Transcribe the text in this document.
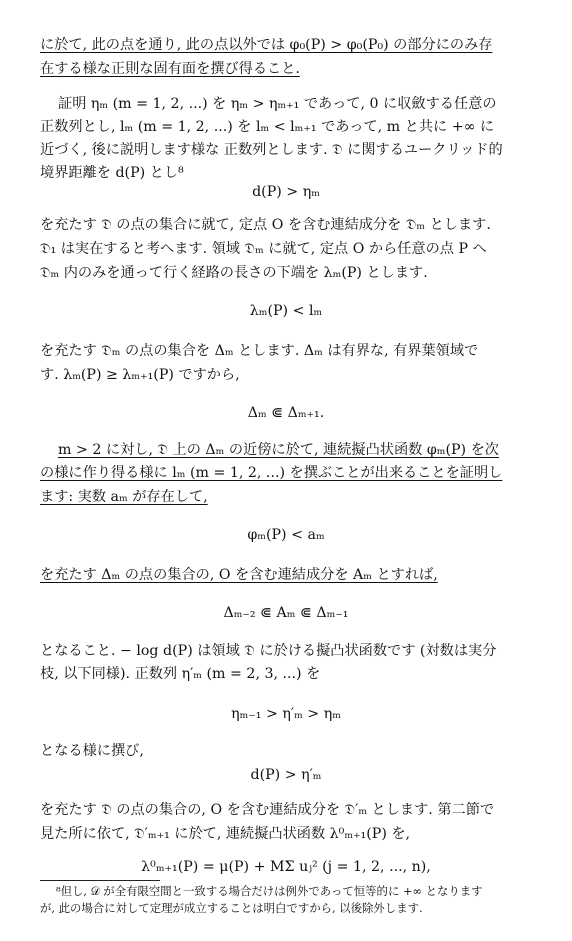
に於て, 此の点を通り, 此の点以外では φ₀(P) > φ₀(P₀) の部分にのみ存
在する様な正則な固有面を撰び得ること.
証明 ηₘ (m = 1, 2, ...) を ηₘ > ηₘ₊₁ であって, 0 に収斂する任意の
正数列とし, lₘ (m = 1, 2, ...) を lₘ < lₘ₊₁ であって, m と共に +∞ に
近づく, 後に説明します様な 正数列とします. 𝔇 に関するユークリッド的
境界距離を d(P) とし⁸
d(P) > ηₘ
を充たす 𝔇 の点の集合に就て, 定点 O を含む連結成分を 𝔇ₘ とします.
𝔇₁ は実在すると考へます. 領域 𝔇ₘ に就て, 定点 O から任意の点 P へ
𝔇ₘ 内のみを通って行く経路の長さの下端を λₘ(P) とします.
λₘ(P) < lₘ
を充たす 𝔇ₘ の点の集合を Δₘ とします. Δₘ は有界な, 有界葉領域で
す. λₘ(P) ≥ λₘ₊₁(P) ですから,
Δₘ ⋐ Δₘ₊₁.
m > 2 に対し, 𝔇 上の Δₘ の近傍に於て, 連続擬凸状函数 φₘ(P) を次
の様に作り得る様に lₘ (m = 1, 2, ...) を撰ぶことが出来ることを証明し
ます: 実数 aₘ が存在して,
φₘ(P) < aₘ
を充たす Δₘ の点の集合の, O を含む連結成分を Aₘ とすれば,
Δₘ₋₂ ⋐ Aₘ ⋐ Δₘ₋₁
となること. − log d(P) は領域 𝔇 に於ける擬凸状函数です (対数は実分
枝, 以下同様). 正数列 η′ₘ (m = 2, 3, ...) を
ηₘ₋₁ > η′ₘ > ηₘ
となる様に撰び,
d(P) > η′ₘ
を充たす 𝔇 の点の集合の, O を含む連結成分を 𝔇′ₘ とします. 第二節で
見た所に依て, 𝔇′ₘ₊₁ に於て, 連続擬凸状函数 λ⁰ₘ₊₁(P) を,
λ⁰ₘ₊₁(P) = μ(P) + MΣ uⱼ² (j = 1, 2, ..., n),
⁸但し, 𝒟 が全有限空間と一致する場合だけは例外であって恒等的に +∞ となります
が, 此の場合に対して定理が成立することは明白ですから, 以後除外します.
